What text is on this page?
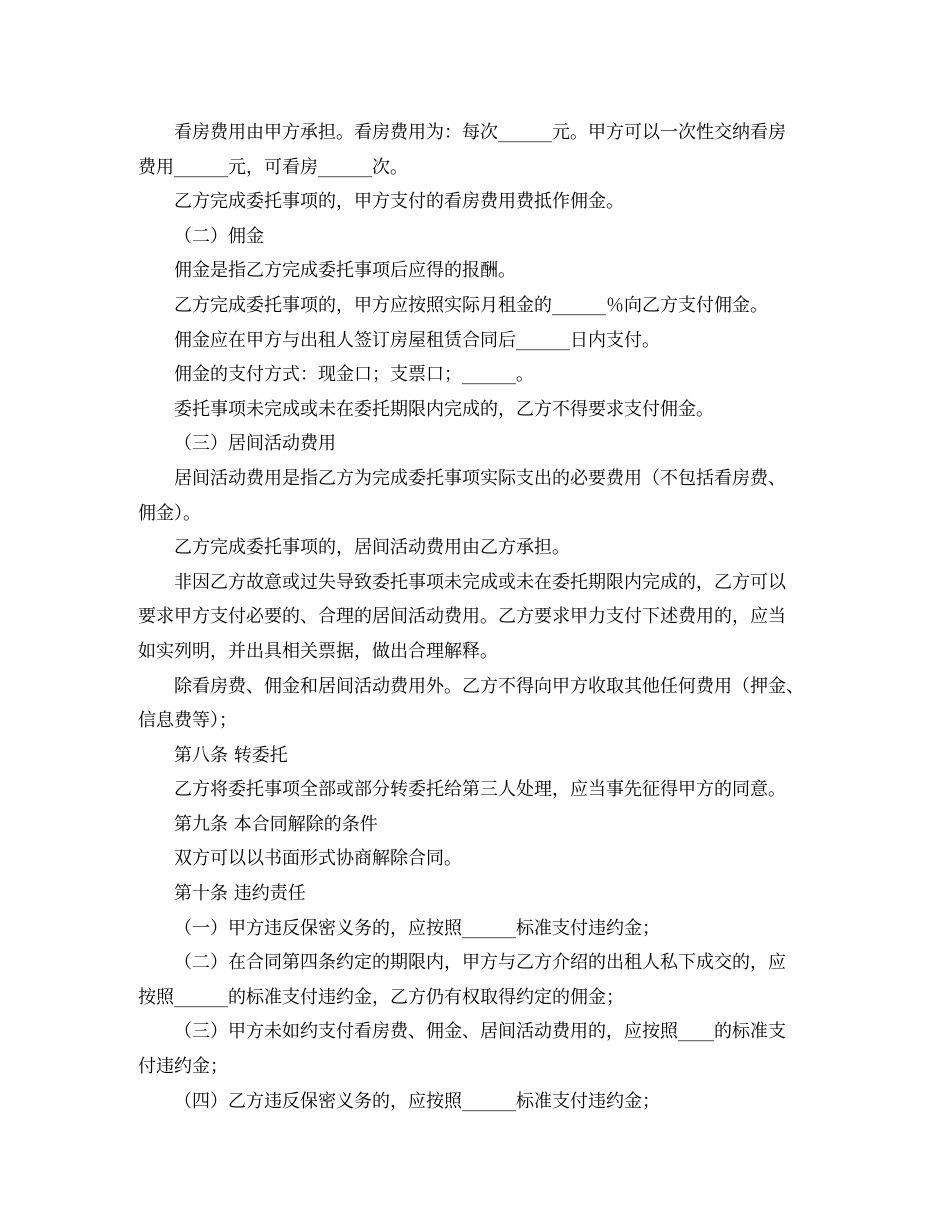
看房费用由甲方承担。看房费用为：每次______元。甲方可以一次性交纳看房

费用______元，可看房______次。

乙方完成委托事项的，甲方支付的看房费用费抵作佣金。

（二）佣金

佣金是指乙方完成委托事项后应得的报酬。

乙方完成委托事项的，甲方应按照实际月租金的______％向乙方支付佣金。

佣金应在甲方与出租人签订房屋租赁合同后______日内支付。

佣金的支付方式：现金口；支票口；______。

委托事项未完成或未在委托期限内完成的，乙方不得要求支付佣金。

（三）居间活动费用

居间活动费用是指乙方为完成委托事项实际支出的必要费用（不包括看房费、

佣金）。

乙方完成委托事项的，居间活动费用由乙方承担。

非因乙方故意或过失导致委托事项未完成或未在委托期限内完成的，乙方可以

要求甲方支付必要的、合理的居间活动费用。乙方要求甲力支付下述费用的，应当

如实列明，并出具相关票据，做出合理解释。

除看房费、佣金和居间活动费用外。乙方不得向甲方收取其他任何费用（押金、

信息费等）；

第八条 转委托

乙方将委托事项全部或部分转委托给第三人处理，应当事先征得甲方的同意。

第九条 本合同解除的条件

双方可以以书面形式协商解除合同。

第十条 违约责任

（一）甲方违反保密义务的，应按照______标准支付违约金；

（二）在合同第四条约定的期限内，甲方与乙方介绍的出租人私下成交的，应

按照______的标准支付违约金，乙方仍有权取得约定的佣金；

（三）甲方未如约支付看房费、佣金、居间活动费用的，应按照____的标准支

付违约金；

（四）乙方违反保密义务的，应按照______标准支付违约金；
